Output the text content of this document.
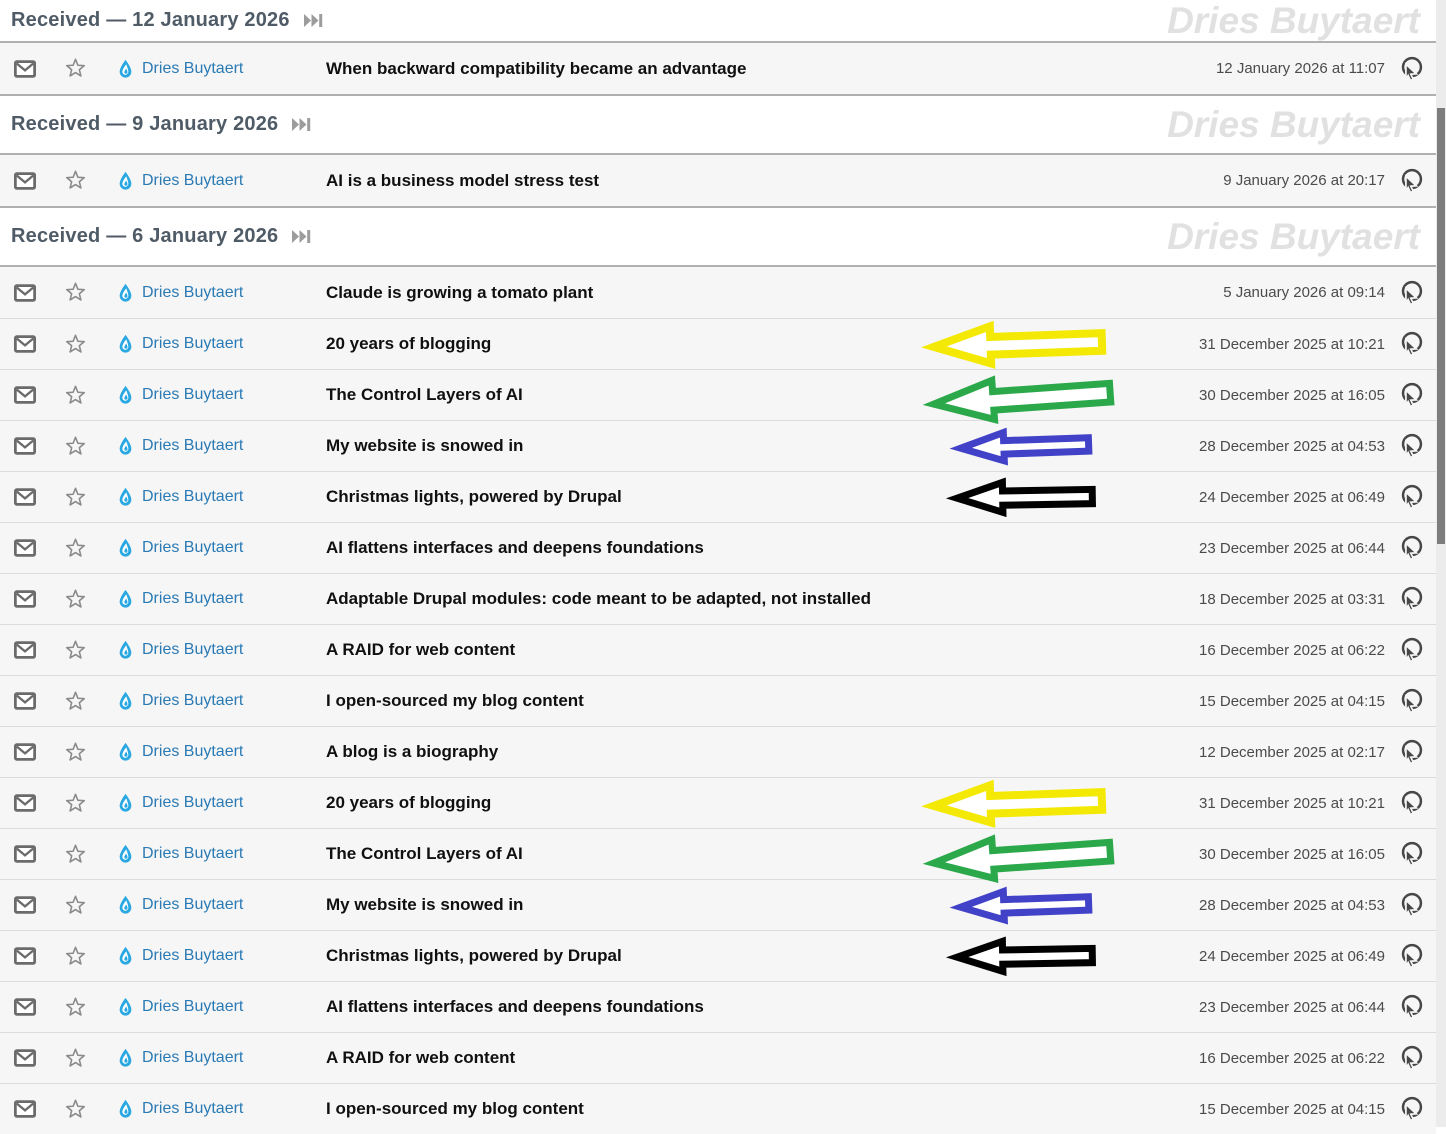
Received — 12 January 2026	Dries Buytaert
Dries Buytaert	When backward compatibility became an advantage	12 January 2026 at 11:07
Received — 9 January 2026	Dries Buytaert
Dries Buytaert	AI is a business model stress test	9 January 2026 at 20:17
Received — 6 January 2026	Dries Buytaert
Dries Buytaert	Claude is growing a tomato plant	5 January 2026 at 09:14
Dries Buytaert	20 years of blogging	31 December 2025 at 10:21
Dries Buytaert	The Control Layers of AI	30 December 2025 at 16:05
Dries Buytaert	My website is snowed in	28 December 2025 at 04:53
Dries Buytaert	Christmas lights, powered by Drupal	24 December 2025 at 06:49
Dries Buytaert	AI flattens interfaces and deepens foundations	23 December 2025 at 06:44
Dries Buytaert	Adaptable Drupal modules: code meant to be adapted, not installed	18 December 2025 at 03:31
Dries Buytaert	A RAID for web content	16 December 2025 at 06:22
Dries Buytaert	I open-sourced my blog content	15 December 2025 at 04:15
Dries Buytaert	A blog is a biography	12 December 2025 at 02:17
Dries Buytaert	20 years of blogging	31 December 2025 at 10:21
Dries Buytaert	The Control Layers of AI	30 December 2025 at 16:05
Dries Buytaert	My website is snowed in	28 December 2025 at 04:53
Dries Buytaert	Christmas lights, powered by Drupal	24 December 2025 at 06:49
Dries Buytaert	AI flattens interfaces and deepens foundations	23 December 2025 at 06:44
Dries Buytaert	A RAID for web content	16 December 2025 at 06:22
Dries Buytaert	I open-sourced my blog content	15 December 2025 at 04:15
